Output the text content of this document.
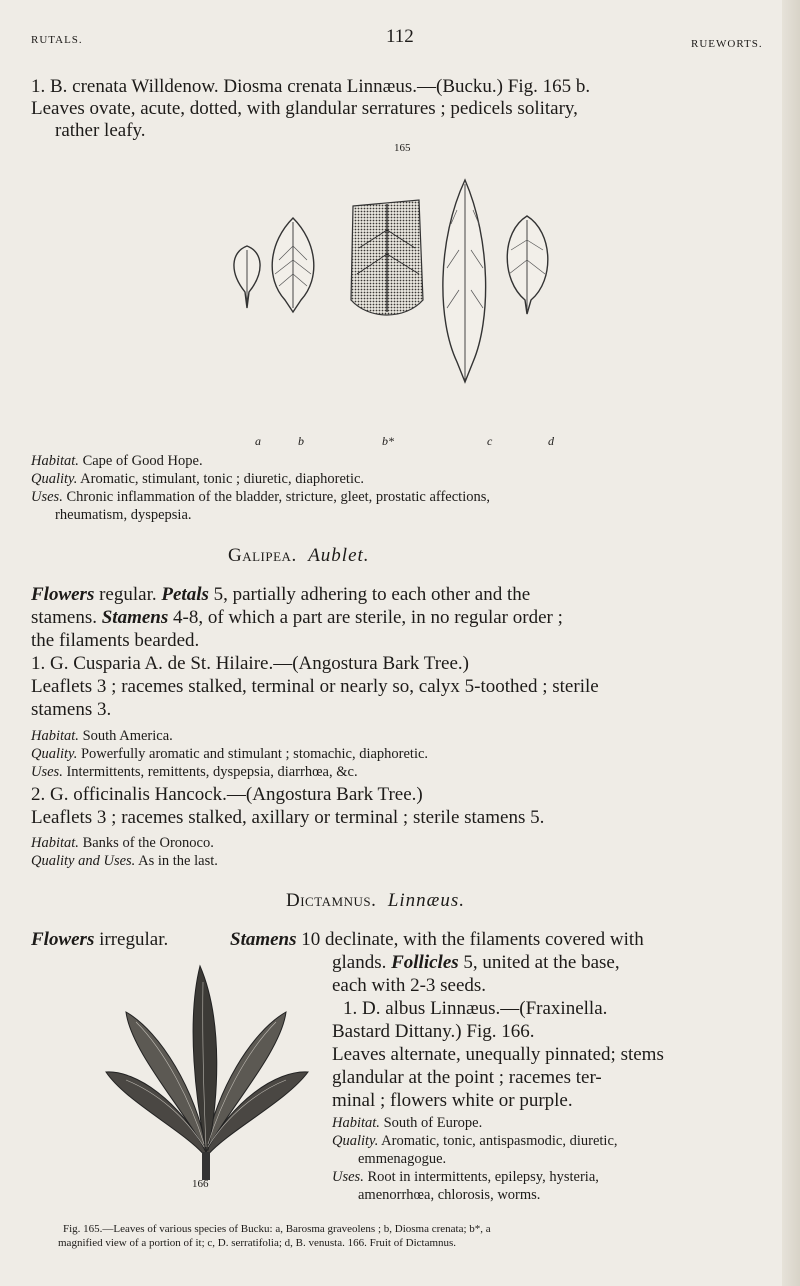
RUTALS.	112	RUEWORTS.
1. B. crenata Willdenow. Diosma crenata Linnæus.—(Bucku.) Fig. 165 b.
Leaves ovate, acute, dotted, with glandular serratures ; pedicels solitary,
rather leafy.
165
a	b	b*	c	d
Habitat. Cape of Good Hope.
Quality. Aromatic, stimulant, tonic ; diuretic, diaphoretic.
Uses. Chronic inflammation of the bladder, stricture, gleet, prostatic affections,
rheumatism, dyspepsia.
Galipea. Aublet.
Flowers regular. Petals 5, partially adhering to each other and the
stamens. Stamens 4-8, of which a part are sterile, in no regular order ;
the filaments bearded.
1. G. Cusparia A. de St. Hilaire.—(Angostura Bark Tree.)
Leaflets 3 ; racemes stalked, terminal or nearly so, calyx 5-toothed ; sterile
stamens 3.
Habitat. South America.
Quality. Powerfully aromatic and stimulant ; stomachic, diaphoretic.
Uses. Intermittents, remittents, dyspepsia, diarrhœa, &c.
2. G. officinalis Hancock.—(Angostura Bark Tree.)
Leaflets 3 ; racemes stalked, axillary or terminal ; sterile stamens 5.
Habitat. Banks of the Oronoco.
Quality and Uses. As in the last.
Dictamnus. Linnæus.
Flowers irregular.	Stamens 10 declinate, with the filaments covered with
glands. Follicles 5, united at the base,
each with 2-3 seeds.
1. D. albus Linnæus.—(Fraxinella.
Bastard Dittany.) Fig. 166.
Leaves alternate, unequally pinnated; stems
glandular at the point ; racemes ter-
minal ; flowers white or purple.
Habitat. South of Europe.
Quality. Aromatic, tonic, antispasmodic, diuretic,
emmenagogue.
Uses. Root in intermittents, epilepsy, hysteria,
amenorrhœa, chlorosis, worms.
166
Fig. 165.—Leaves of various species of Bucku: a, Barosma graveolens ; b, Diosma crenata; b*, a
magnified view of a portion of it; c, D. serratifolia; d, B. venusta. 166. Fruit of Dictamnus.
